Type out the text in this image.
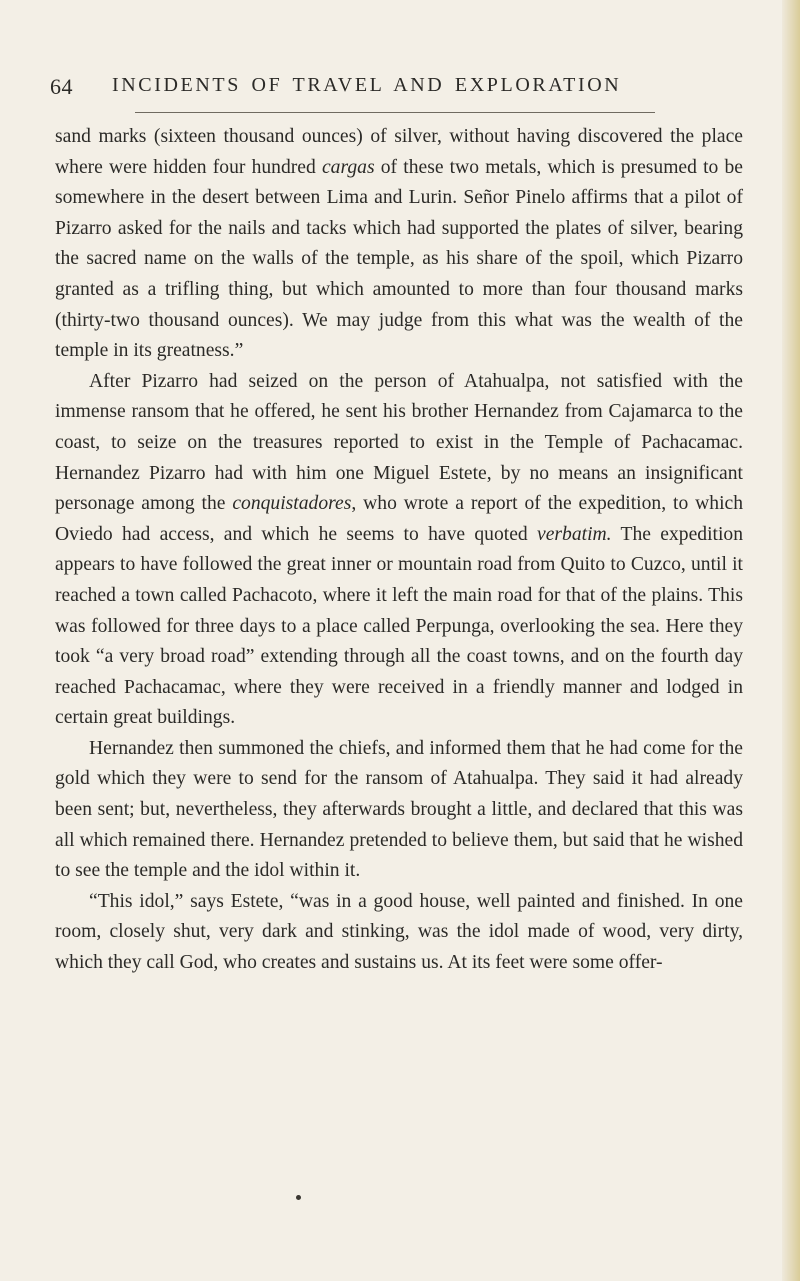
64 INCIDENTS OF TRAVEL AND EXPLORATION

sand marks (sixteen thousand ounces) of silver, without having discovered the place where were hidden four hundred cargas of these two metals, which is presumed to be somewhere in the desert between Lima and Lurin. Señor Pinelo affirms that a pilot of Pizarro asked for the nails and tacks which had supported the plates of silver, bearing the sacred name on the walls of the temple, as his share of the spoil, which Pizarro granted as a trifling thing, but which amounted to more than four thousand marks (thirty-two thousand ounces). We may judge from this what was the wealth of the temple in its greatness.”

After Pizarro had seized on the person of Atahualpa, not satisfied with the immense ransom that he offered, he sent his brother Hernandez from Cajamarca to the coast, to seize on the treasures reported to exist in the Temple of Pachacamac. Hernandez Pizarro had with him one Miguel Estete, by no means an insignificant personage among the conquistadores, who wrote a report of the expedition, to which Oviedo had access, and which he seems to have quoted verbatim. The expedition appears to have followed the great inner or mountain road from Quito to Cuzco, until it reached a town called Pachacoto, where it left the main road for that of the plains. This was followed for three days to a place called Perpunga, overlooking the sea. Here they took “a very broad road” extending through all the coast towns, and on the fourth day reached Pachacamac, where they were received in a friendly manner and lodged in certain great buildings.

Hernandez then summoned the chiefs, and informed them that he had come for the gold which they were to send for the ransom of Atahualpa. They said it had already been sent; but, nevertheless, they afterwards brought a little, and declared that this was all which remained there. Hernandez pretended to believe them, but said that he wished to see the temple and the idol within it.

“This idol,” says Estete, “was in a good house, well painted and finished. In one room, closely shut, very dark and stinking, was the idol made of wood, very dirty, which they call God, who creates and sustains us. At its feet were some offer-
